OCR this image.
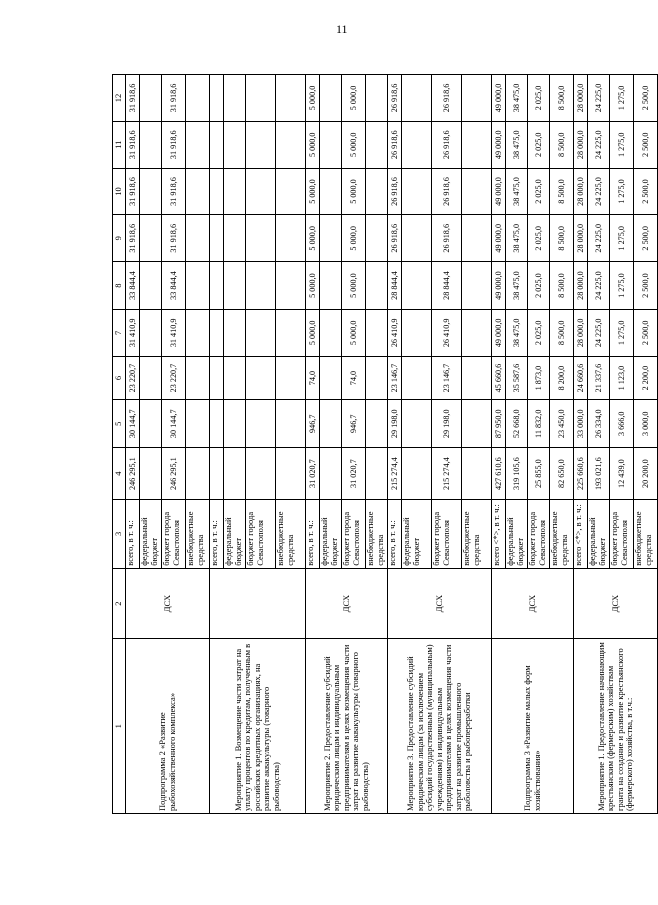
11
1	2	3	4	5	6	7	8	9	10	11	12
Подпрограмма 2 «Развитие рыбохозяйственного комплекса»	ДСХ	всего, в т. ч.:	246 295,1	30 144,7	23 220,7	31 410,9	33 844,4	31 918,6	31 918,6	31 918,6	31 918,6
		федеральный бюджет									
		бюджет города Севастополя	246 295,1	30 144,7	23 220,7	31 410,9	33 844,4	31 918,6	31 918,6	31 918,6	31 918,6
		внебюджетные средства									
Мероприятие 1. Возмещение части затрат на уплату процентов по кредитам, полученным в российских кредитных организациях, на развитие аквакультуры (товарного рыбоводства)		всего, в т. ч.:									
		федеральный бюджет									
		бюджет города Севастополя									
		внебюджетные средства									
Мероприятие 2. Предоставление субсидий юридическим лицам и индивидуальным предпринимателям в целях возмещения части затрат на развитие аквакультуры (товарного рыбоводства)	ДСХ	всего, в т. ч.:	31 020,7	946,7	74,0	5 000,0	5 000,0	5 000,0	5 000,0	5 000,0	5 000,0
		федеральный бюджет									
		бюджет города Севастополя	31 020,7	946,7	74,0	5 000,0	5 000,0	5 000,0	5 000,0	5 000,0	5 000,0
		внебюджетные средства									
Мероприятие 3. Предоставление субсидий юридическим лицам (за исключением субсидий государственным (муниципальным) учреждениям) и индивидуальным предпринимателям в целях возмещения части затрат на развитие промышленного рыболовства и рыбопереработки	ДСХ	всего, в т. ч.:	215 274,4	29 198,0	23 146,7	26 410,9	28 844,4	26 918,6	26 918,6	26 918,6	26 918,6
		федеральный бюджет									
		бюджет города Севастополя	215 274,4	29 198,0	23 146,7	26 410,9	28 844,4	26 918,6	26 918,6	26 918,6	26 918,6
		внебюджетные средства									
Подпрограмма 3 «Развитие малых форм хозяйствования»	ДСХ	всего <*>, в т. ч.:	427 610,6	87 950,0	45 660,6	49 000,0	49 000,0	49 000,0	49 000,0	49 000,0	49 000,0
		федеральный бюджет	319 105,6	52 668,0	35 587,6	38 475,0	38 475,0	38 475,0	38 475,0	38 475,0	38 475,0
		бюджет города Севастополя	25 855,0	11 832,0	1 873,0	2 025,0	2 025,0	2 025,0	2 025,0	2 025,0	2 025,0
		внебюджетные средства	82 650,0	23 450,0	8 200,0	8 500,0	8 500,0	8 500,0	8 500,0	8 500,0	8 500,0
Мероприятие 1. Предоставление начинающим крестьянским (фермерским) хозяйствам гранта на создание и развитие крестьянского (фермерского) хозяйства, в т.ч.:	ДСХ	всего <*>, в т. ч.:	225 660,6	33 000,0	24 660,6	28 000,0	28 000,0	28 000,0	28 000,0	28 000,0	28 000,0
		федеральный бюджет	193 021,6	26 334,0	21 337,6	24 225,0	24 225,0	24 225,0	24 225,0	24 225,0	24 225,0
		бюджет города Севастополя	12 439,0	3 666,0	1 123,0	1 275,0	1 275,0	1 275,0	1 275,0	1 275,0	1 275,0
		внебюджетные средства	20 200,0	3 000,0	2 200,0	2 500,0	2 500,0	2 500,0	2 500,0	2 500,0	2 500,0
